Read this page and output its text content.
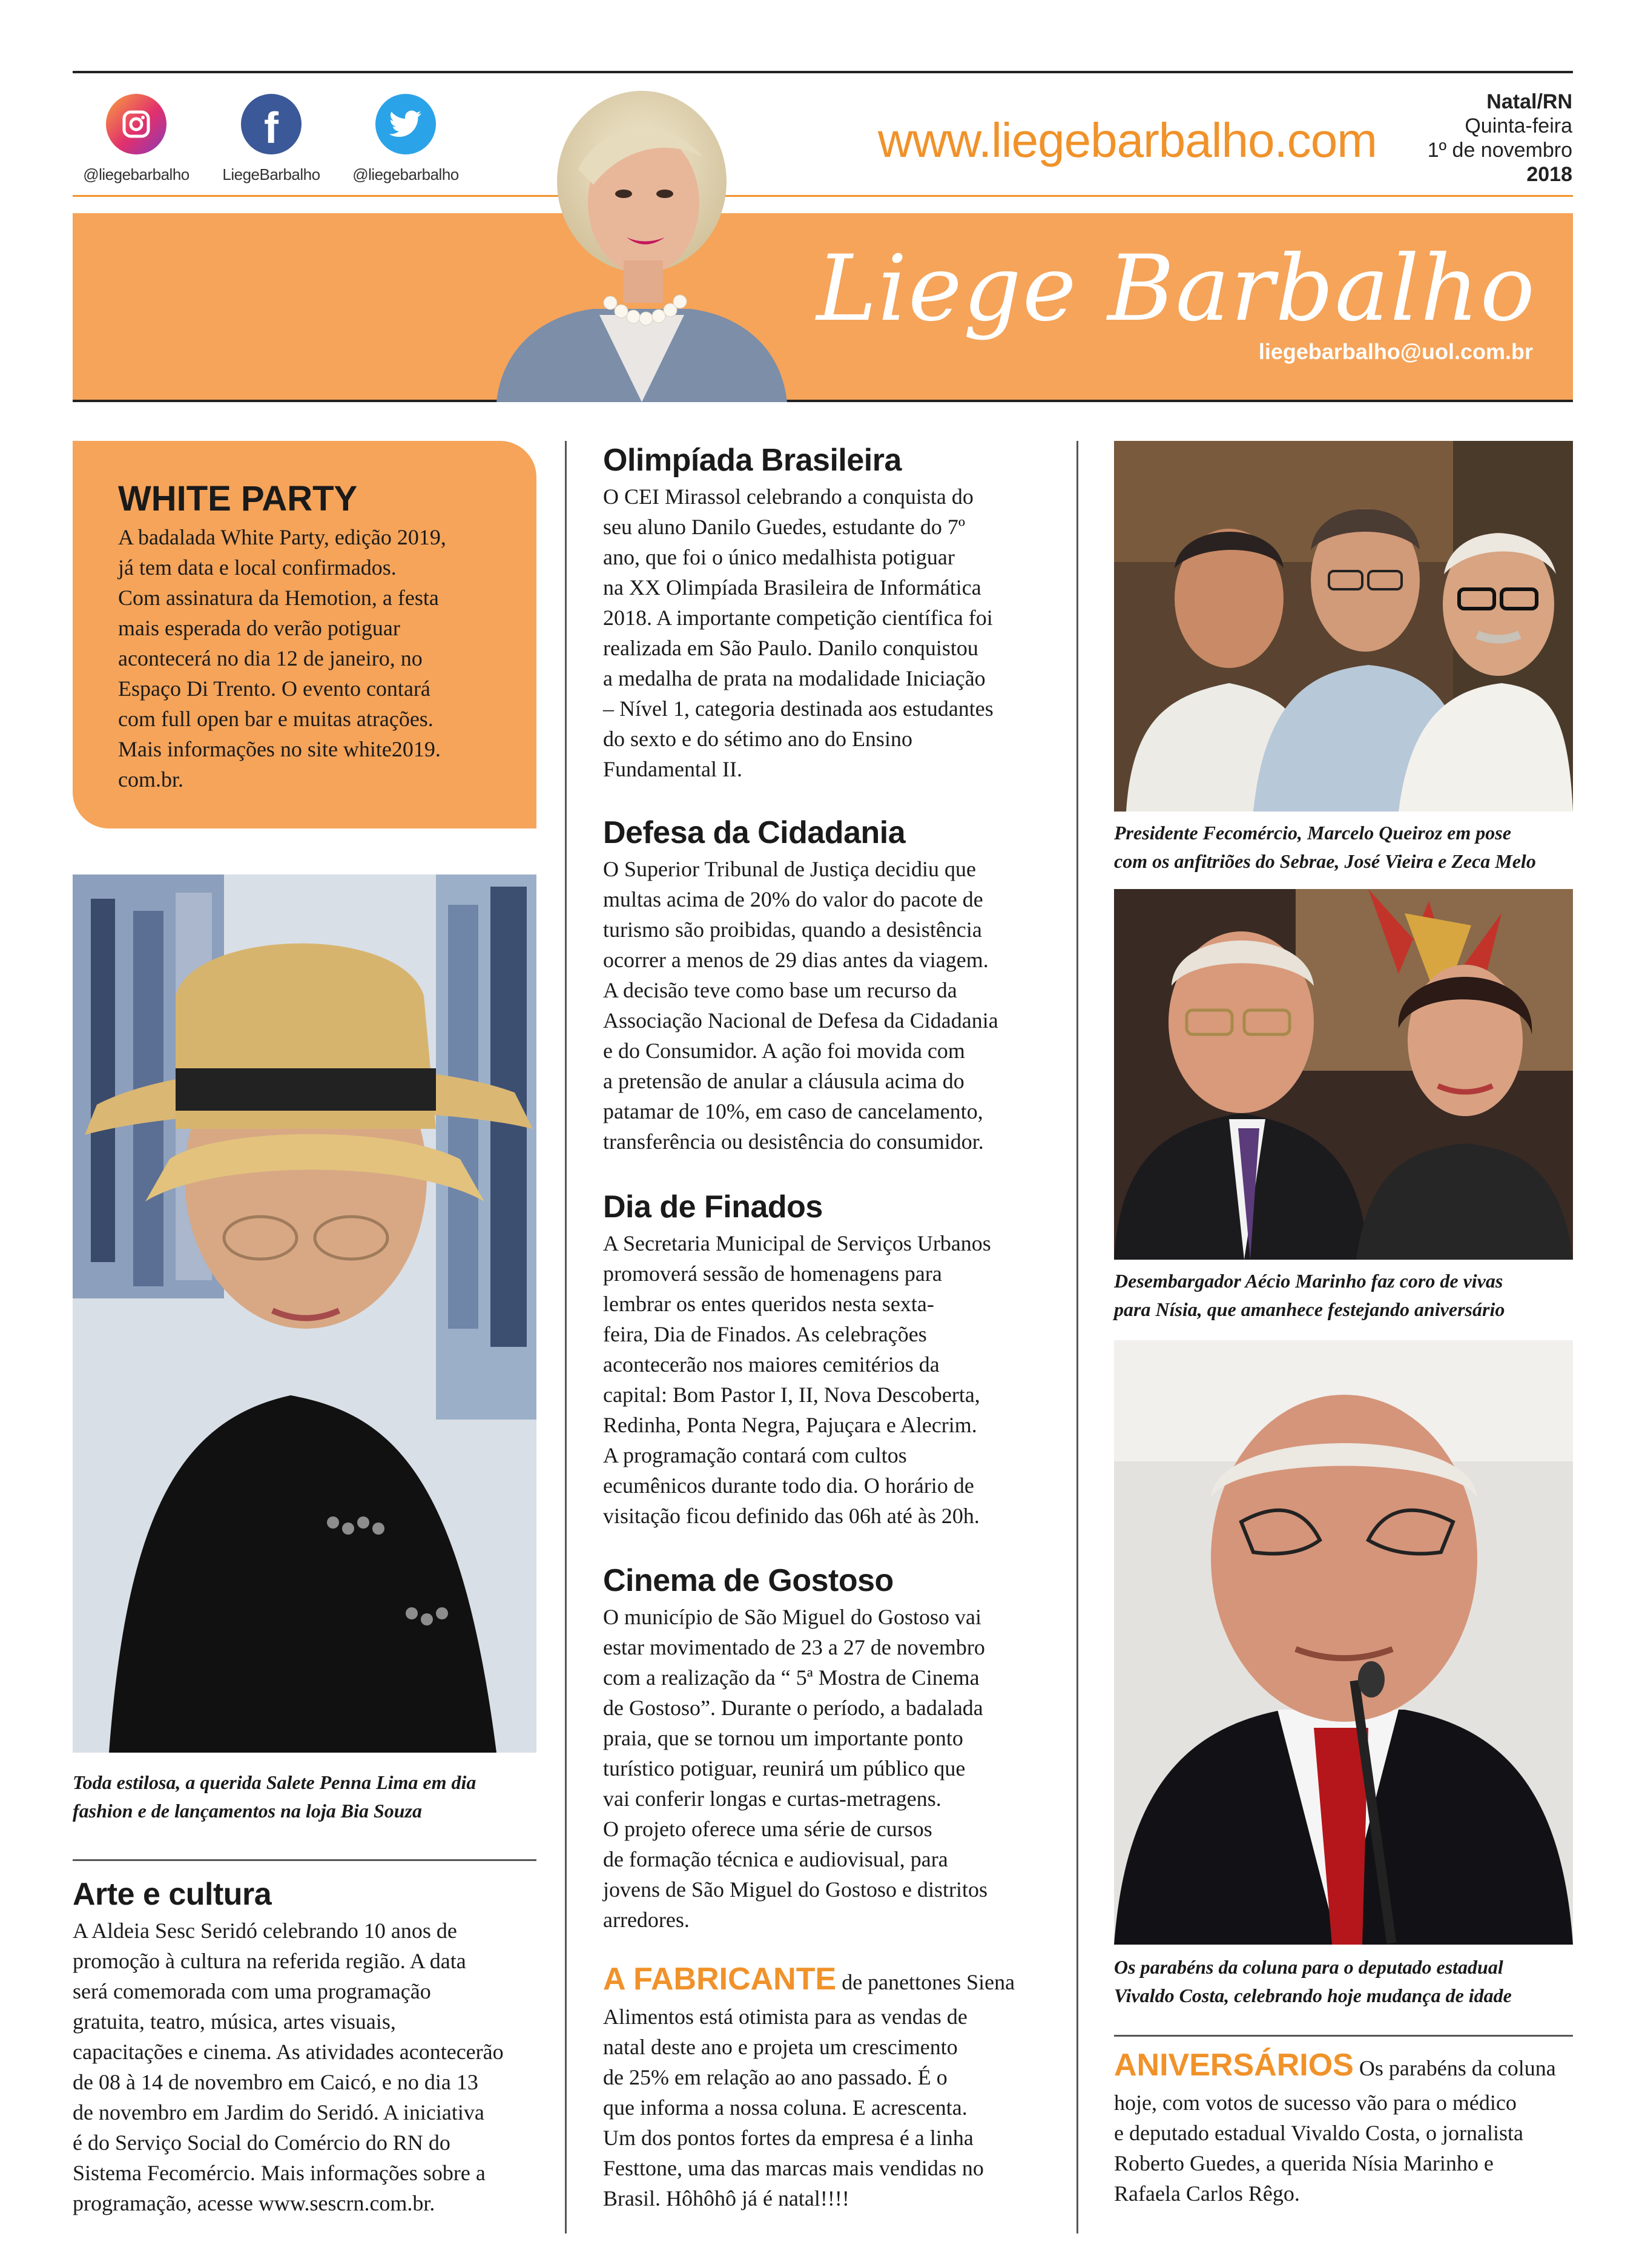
@liegebarbalho
f
LiegeBarbalho	@liegebarbalho
www.liegebarbalho.com
Natal/RN
Quinta-feira
1º de novembro
2018
Liege Barbalho
liegebarbalho@uol.com.br
WHITE PARTY
A badalada White Party, edição 2019,
já tem data e local confirmados.
Com assinatura da Hemotion, a festa
mais esperada do verão potiguar
acontecerá no dia 12 de janeiro, no
Espaço Di Trento. O evento contará
com full open bar e muitas atrações.
Mais informações no site white2019.
com.br.
Toda estilosa, a querida Salete Penna Lima em dia
fashion e de lançamentos na loja Bia Souza
Arte e cultura
A Aldeia Sesc Seridó celebrando 10 anos de
promoção à cultura na referida região. A data
será comemorada com uma programação
gratuita, teatro, música, artes visuais,
capacitações e cinema. As atividades acontecerão
de 08 à 14 de novembro em Caicó, e no dia 13
de novembro em Jardim do Seridó. A iniciativa
é do Serviço Social do Comércio do RN do
Sistema Fecomércio. Mais informações sobre a
programação, acesse www.sescrn.com.br.
Olimpíada Brasileira
O CEI Mirassol celebrando a conquista do
seu aluno Danilo Guedes, estudante do 7º
ano, que foi o único medalhista potiguar
na XX Olimpíada Brasileira de Informática
2018. A importante competição científica foi
realizada em São Paulo. Danilo conquistou
a medalha de prata na modalidade Iniciação
– Nível 1, categoria destinada aos estudantes
do sexto e do sétimo ano do Ensino
Fundamental II.
Defesa da Cidadania
O Superior Tribunal de Justiça decidiu que
multas acima de 20% do valor do pacote de
turismo são proibidas, quando a desistência
ocorrer a menos de 29 dias antes da viagem.
A decisão teve como base um recurso da
Associação Nacional de Defesa da Cidadania
e do Consumidor. A ação foi movida com
a pretensão de anular a cláusula acima do
patamar de 10%, em caso de cancelamento,
transferência ou desistência do consumidor.
Dia de Finados
A Secretaria Municipal de Serviços Urbanos
promoverá sessão de homenagens para
lembrar os entes queridos nesta sexta-
feira, Dia de Finados. As celebrações
acontecerão nos maiores cemitérios da
capital: Bom Pastor I, II, Nova Descoberta,
Redinha, Ponta Negra, Pajuçara e Alecrim.
A programação contará com cultos
ecumênicos durante todo dia. O horário de
visitação ficou definido das 06h até às 20h.
Cinema de Gostoso
O município de São Miguel do Gostoso vai
estar movimentado de 23 a 27 de novembro
com a realização da “ 5ª Mostra de Cinema
de Gostoso”. Durante o período, a badalada
praia, que se tornou um importante ponto
turístico potiguar, reunirá um público que
vai conferir longas e curtas-metragens.
O projeto oferece uma série de cursos
de formação técnica e audiovisual, para
jovens de São Miguel do Gostoso e distritos
arredores.
A FABRICANTE de panettones Siena
Alimentos está otimista para as vendas de
natal deste ano e projeta um crescimento
de 25% em relação ao ano passado. É o
que informa a nossa coluna. E acrescenta.
Um dos pontos fortes da empresa é a linha
Festtone, uma das marcas mais vendidas no
Brasil. Hôhôhô já é natal!!!!
Presidente Fecomércio, Marcelo Queiroz em pose
com os anfitriões do Sebrae, José Vieira e Zeca Melo
Desembargador Aécio Marinho faz coro de vivas
para Nísia, que amanhece festejando aniversário
Os parabéns da coluna para o deputado estadual
Vivaldo Costa, celebrando hoje mudança de idade
ANIVERSÁRIOS Os parabéns da coluna
hoje, com votos de sucesso vão para o médico
e deputado estadual Vivaldo Costa, o jornalista
Roberto Guedes, a querida Nísia Marinho e
Rafaela Carlos Rêgo.
